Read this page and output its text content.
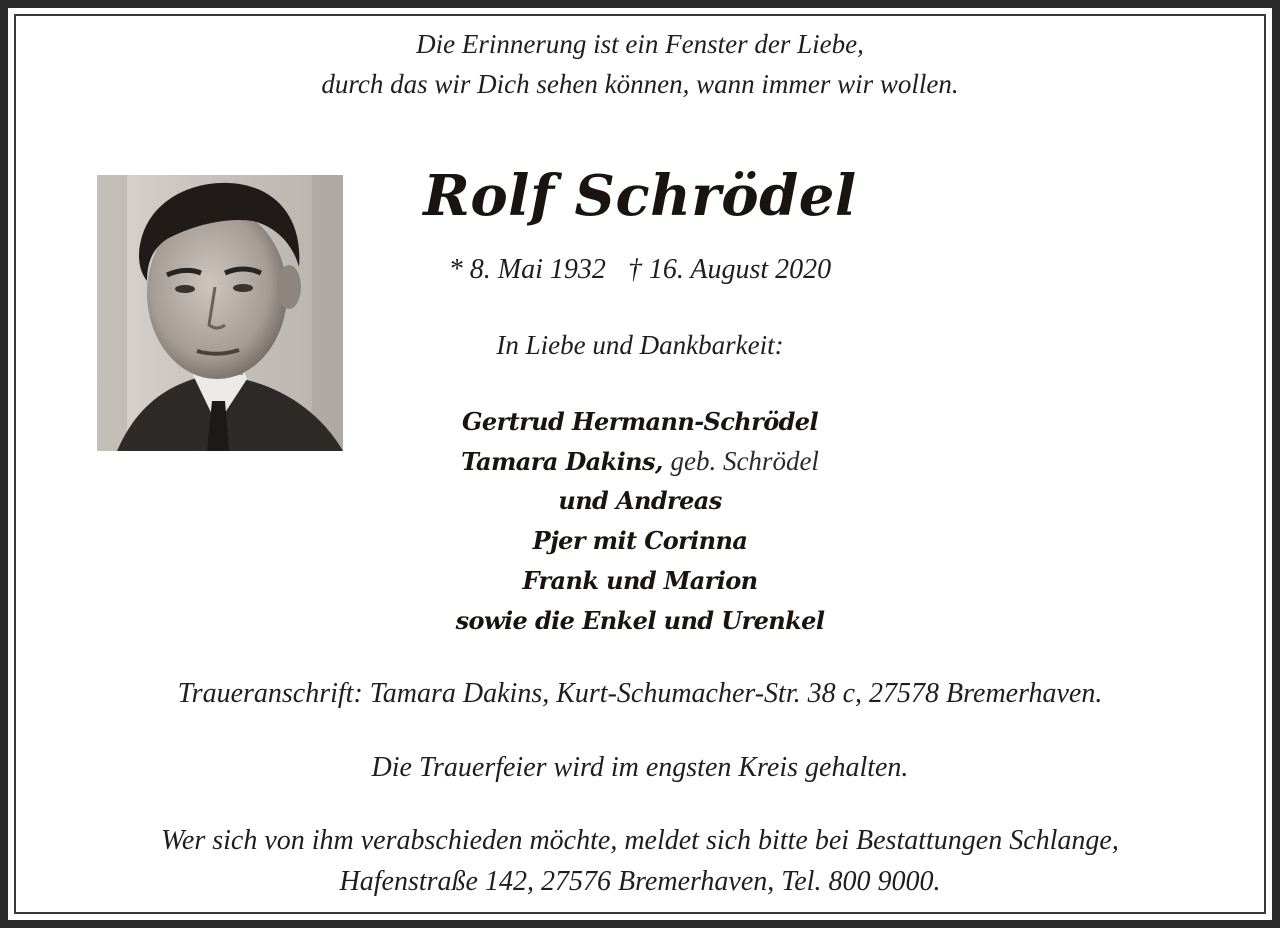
Die Erinnerung ist ein Fenster der Liebe,
durch das wir Dich sehen können, wann immer wir wollen.
Rolf Schrödel
* 8. Mai 1932 † 16. August 2020
In Liebe und Dankbarkeit:
Gertrud Hermann-Schrödel
Tamara Dakins, geb. Schrödel
und Andreas
Pjer mit Corinna
Frank und Marion
sowie die Enkel und Urenkel
Traueranschrift: Tamara Dakins, Kurt-Schumacher-Str. 38 c, 27578 Bremerhaven.
Die Trauerfeier wird im engsten Kreis gehalten.
Wer sich von ihm verabschieden möchte, meldet sich bitte bei Bestattungen Schlange,
Hafenstraße 142, 27576 Bremerhaven, Tel. 800 9000.
